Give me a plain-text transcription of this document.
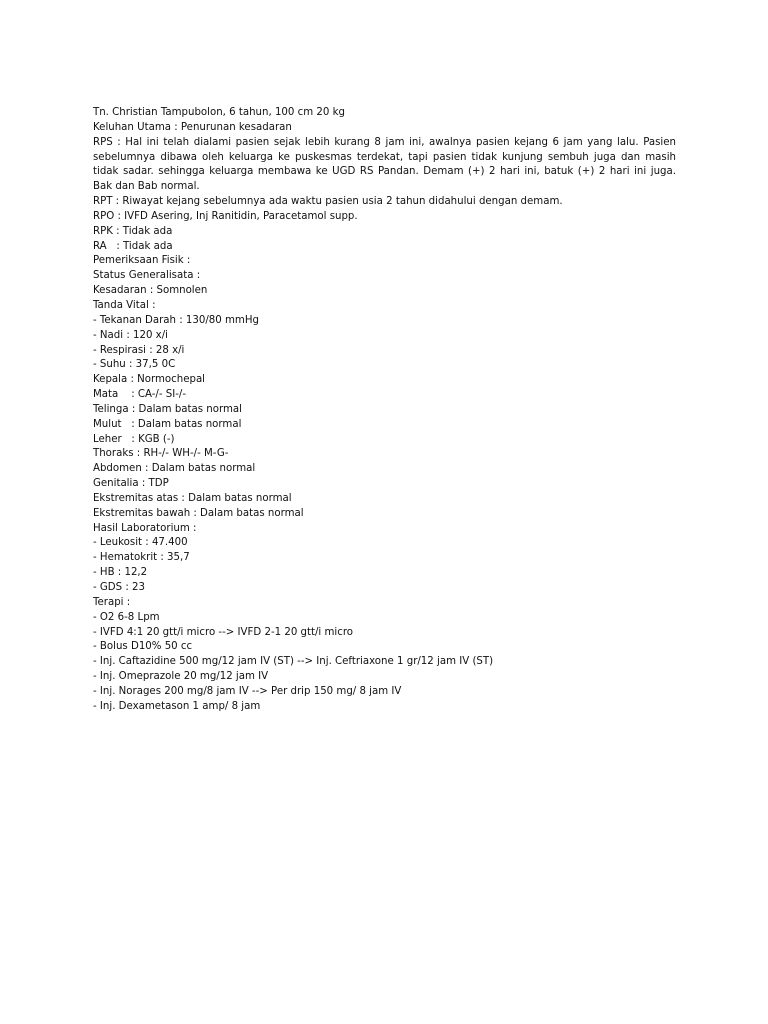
Tn. Christian Tampubolon, 6 tahun, 100 cm 20 kg
Keluhan Utama : Penurunan kesadaran
RPS : Hal ini telah dialami pasien sejak lebih kurang 8 jam ini, awalnya pasien kejang 6 jam yang lalu. Pasien
sebelumnya dibawa oleh keluarga ke puskesmas terdekat, tapi pasien tidak kunjung sembuh juga dan masih
tidak sadar. sehingga keluarga membawa ke UGD RS Pandan. Demam (+) 2 hari ini, batuk (+) 2 hari ini juga.
Bak dan Bab normal.
RPT : Riwayat kejang sebelumnya ada waktu pasien usia 2 tahun didahului dengan demam.
RPO : IVFD Asering, Inj Ranitidin, Paracetamol supp.
RPK : Tidak ada
RA   : Tidak ada
Pemeriksaan Fisik :
Status Generalisata :
Kesadaran : Somnolen
Tanda Vital :
- Tekanan Darah : 130/80 mmHg
- Nadi : 120 x/i
- Respirasi : 28 x/i
- Suhu : 37,5 0C
Kepala : Normochepal
Mata    : CA-/- SI-/-
Telinga : Dalam batas normal
Mulut   : Dalam batas normal
Leher   : KGB (-)
Thoraks : RH-/- WH-/- M-G-
Abdomen : Dalam batas normal
Genitalia : TDP
Ekstremitas atas : Dalam batas normal
Ekstremitas bawah : Dalam batas normal
Hasil Laboratorium :
- Leukosit : 47.400
- Hematokrit : 35,7
- HB : 12,2
- GDS : 23
Terapi :
- O2 6-8 Lpm
- IVFD 4:1 20 gtt/i micro --> IVFD 2-1 20 gtt/i micro
- Bolus D10% 50 cc
- Inj. Caftazidine 500 mg/12 jam IV (ST) --> Inj. Ceftriaxone 1 gr/12 jam IV (ST)
- Inj. Omeprazole 20 mg/12 jam IV
- Inj. Norages 200 mg/8 jam IV --> Per drip 150 mg/ 8 jam IV
- Inj. Dexametason 1 amp/ 8 jam
